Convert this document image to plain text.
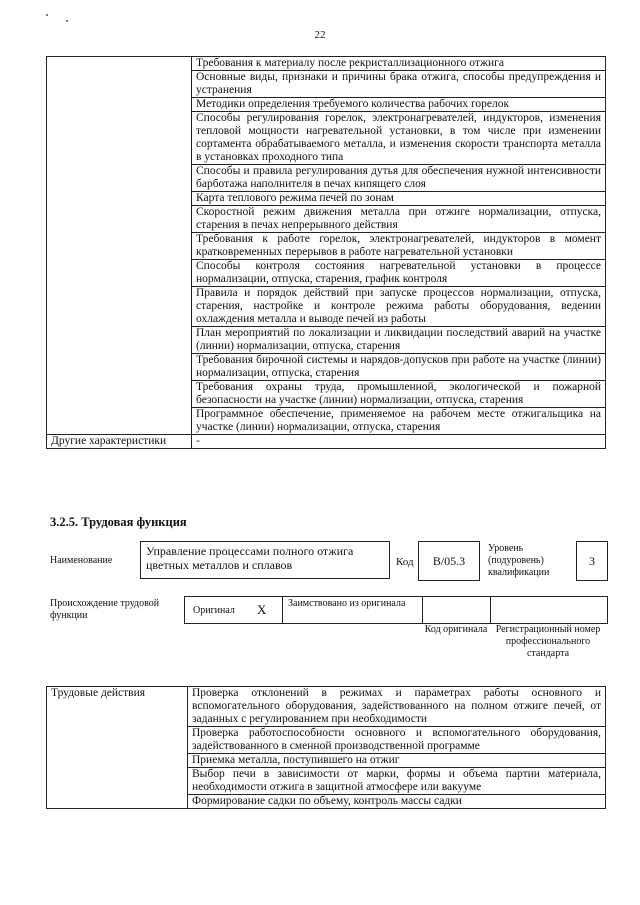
22
	Требования к материалу после рекристаллизационного отжига
	Основные виды, признаки и причины брака отжига, способы предупреждения и устранения
	Методики определения требуемого количества рабочих горелок
	Способы регулирования горелок, электронагревателей, индукторов, изменения тепловой мощности нагревательной установки, в том числе при изменении сортамента обрабатываемого металла, и изменения скорости транспорта металла в установках проходного типа
	Способы и правила регулирования дутья для обеспечения нужной интенсивности барботажа наполнителя в печах кипящего слоя
	Карта теплового режима печей по зонам
	Скоростной режим движения металла при отжиге нормализации, отпуска, старения в печах непрерывного действия
	Требования к работе горелок, электронагревателей, индукторов в момент кратковременных перерывов в работе нагревательной установки
	Способы контроля состояния нагревательной установки в процессе нормализации, отпуска, старения, график контроля
	Правила и порядок действий при запуске процессов нормализации, отпуска, старения, настройке и контроле режима работы оборудования, ведении охлаждения металла и выводе печей из работы
	План мероприятий по локализации и ликвидации последствий аварий на участке (линии) нормализации, отпуска, старения
	Требования бирочной системы и нарядов-допусков при работе на участке (линии) нормализации, отпуска, старения
	Требования охраны труда, промышленной, экологической и пожарной безопасности на участке (линии) нормализации, отпуска, старения
	Программное обеспечение, применяемое на рабочем месте отжигальщика на участке (линии) нормализации, отпуска, старения
Другие характеристики	-
3.2.5. Трудовая функция
Наименование
Управление процессами полного отжига цветных металлов и сплавов	Код	B/05.3
Уровень (подуровень) квалификации
3
Происхождение трудовой функции	Оригинал X Заимствовано из оригинала
Код оригинала Регистрационный номер профессионального стандарта
Трудовые действия	Проверка отклонений в режимах и параметрах работы основного и вспомогательного оборудования, задействованного на полном отжиге печей, от заданных с регулированием при необходимости
Проверка работоспособности основного и вспомогательного оборудования, задействованного в сменной производственной программе
Приемка металла, поступившего на отжиг
Выбор печи в зависимости от марки, формы и объема партии материала, необходимости отжига в защитной атмосфере или вакууме
Формирование садки по объему, контроль массы садки
